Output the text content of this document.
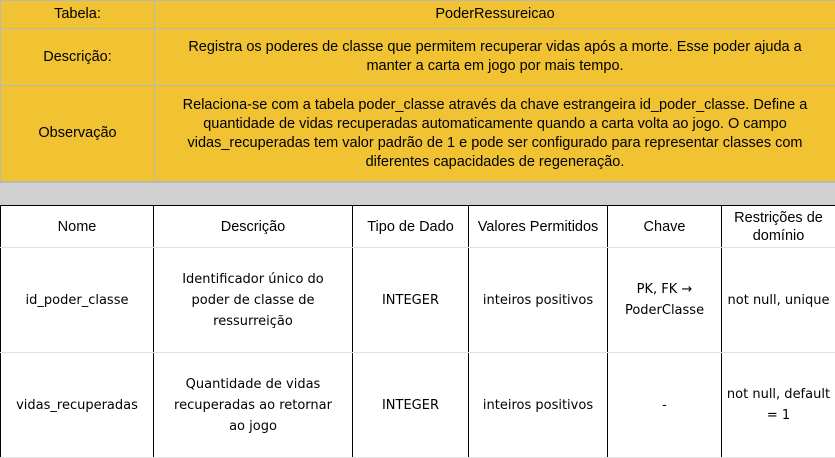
Tabela:	PoderRessureicao
Descrição:	Registra os poderes de classe que permitem recuperar vidas após a morte. Esse poder ajuda a manter a carta em jogo por mais tempo.
Observação	Relaciona-se com a tabela poder_classe através da chave estrangeira id_poder_classe. Define a quantidade de vidas recuperadas automaticamente quando a carta volta ao jogo. O campo vidas_recuperadas tem valor padrão de 1 e pode ser configurado para representar classes com diferentes capacidades de regeneração.
Nome	Descrição	Tipo de Dado	Valores Permitidos	Chave	Restrições de domínio
id_poder_classe	Identificador único do poder de classe de ressurreição	INTEGER	inteiros positivos	PK, FK → PoderClasse	not null, unique
vidas_recuperadas	Quantidade de vidas recuperadas ao retornar ao jogo	INTEGER	inteiros positivos	-	not null, default = 1
